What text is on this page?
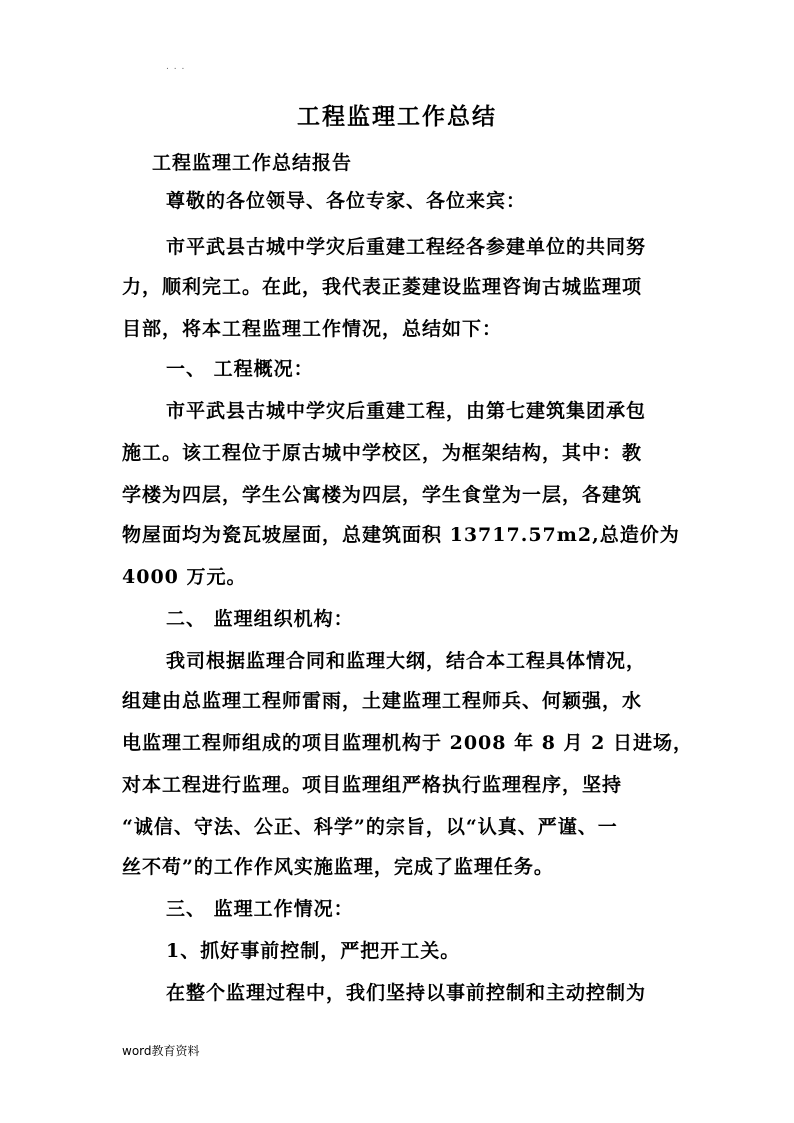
. . .
工程监理工作总结
工程监理工作总结报告
尊敬的各位领导、各位专家、各位来宾：
市平武县古城中学灾后重建工程经各参建单位的共同努
力，顺利完工。在此，我代表正菱建设监理咨询古城监理项
目部，将本工程监理工作情况，总结如下：
一、 工程概况：
市平武县古城中学灾后重建工程，由第七建筑集团承包
施工。该工程位于原古城中学校区，为框架结构，其中：教
学楼为四层，学生公寓楼为四层，学生食堂为一层，各建筑
物屋面均为瓷瓦坡屋面，总建筑面积 13717.57m2,总造价为
4000 万元。
二、 监理组织机构：
我司根据监理合同和监理大纲，结合本工程具体情况，
组建由总监理工程师雷雨，土建监理工程师兵、何颖强，水
电监理工程师组成的项目监理机构于 2008 年 8 月 2 日进场，
对本工程进行监理。项目监理组严格执行监理程序，坚持
“诚信、守法、公正、科学”的宗旨，以“认真、严谨、一
丝不苟”的工作作风实施监理，完成了监理任务。
三、 监理工作情况：
1、抓好事前控制，严把开工关。
在整个监理过程中，我们坚持以事前控制和主动控制为
word教育资料
